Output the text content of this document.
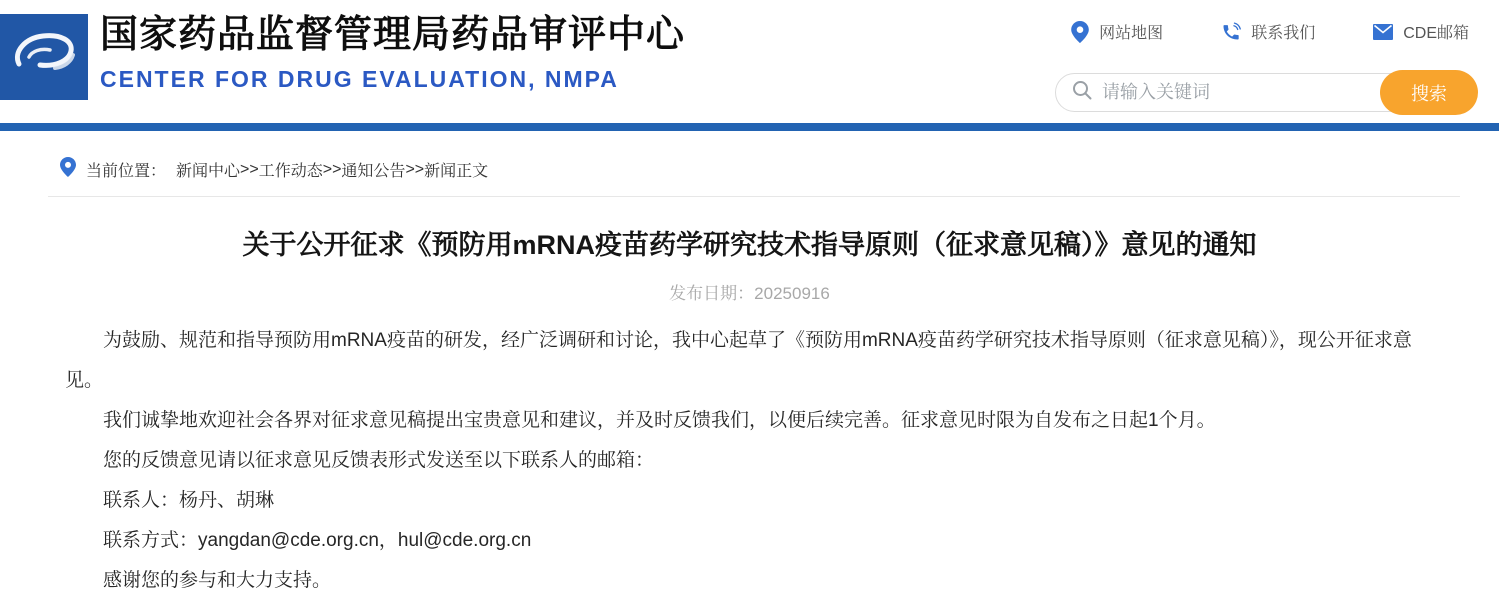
国家药品监督管理局药品审评中心
CENTER FOR DRUG EVALUATION, NMPA
网站地图	联系我们	CDE邮箱
请输入关键词
搜索
当前位置： 新闻中心 >> 工作动态 >> 通知公告 >> 新闻正文
关于公开征求《预防用mRNA疫苗药学研究技术指导原则（征求意见稿）》意见的通知
发布日期：20250916

为鼓励、规范和指导预防用mRNA疫苗的研发，经广泛调研和讨论，我中心起草了《预防用mRNA疫苗药学研究技术指导原则（征求意见稿）》，现公开征求意见。

我们诚挚地欢迎社会各界对征求意见稿提出宝贵意见和建议，并及时反馈我们，以便后续完善。征求意见时限为自发布之日起1个月。

您的反馈意见请以征求意见反馈表形式发送至以下联系人的邮箱：

联系人：杨丹、胡琳

联系方式：yangdan@cde.org.cn，hul@cde.org.cn

感谢您的参与和大力支持。
